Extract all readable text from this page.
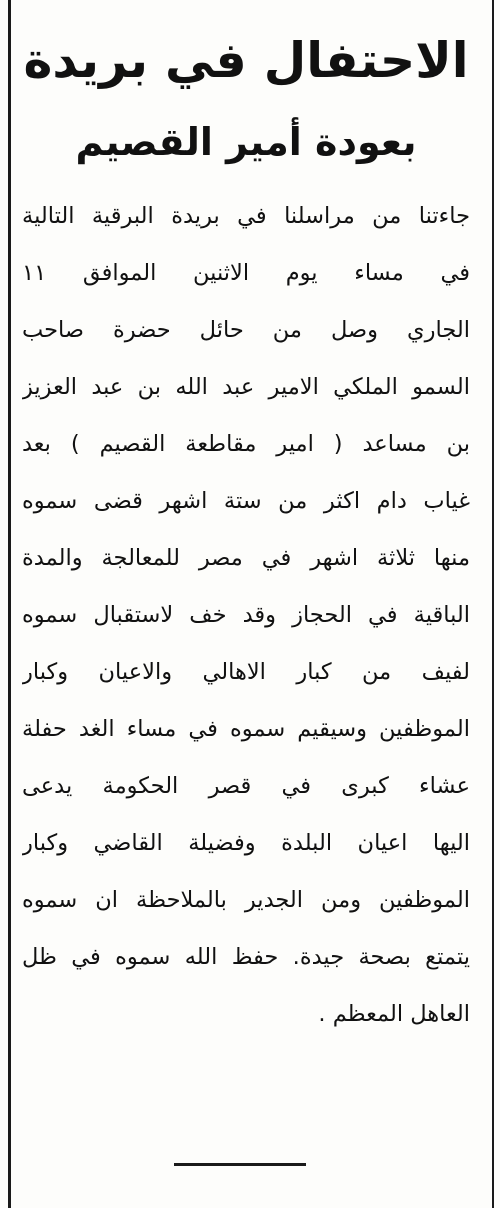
الاحتفال في بريدة
بعودة أمير القصيم
جاءتنا من مراسلنا في بريدة البرقية التالية
في مساء يوم الاثنين الموافق ١١
الجاري وصل من حائل حضرة صاحب
السمو الملكي الامير عبد الله بن عبد العزيز
بن مساعد ( امير مقاطعة القصيم ) بعد
غياب دام اكثر من ستة اشهر قضى سموه
منها ثلاثة اشهر في مصر للمعالجة والمدة
الباقية في الحجاز وقد خف لاستقبال سموه
لفيف من كبار الاهالي والاعيان وكبار
الموظفين وسيقيم سموه في مساء الغد حفلة
عشاء كبرى في قصر الحكومة يدعى
اليها اعيان البلدة وفضيلة القاضي وكبار
الموظفين ومن الجدير بالملاحظة ان سموه
يتمتع بصحة جيدة. حفظ الله سموه في ظل
العاهل المعظم .
